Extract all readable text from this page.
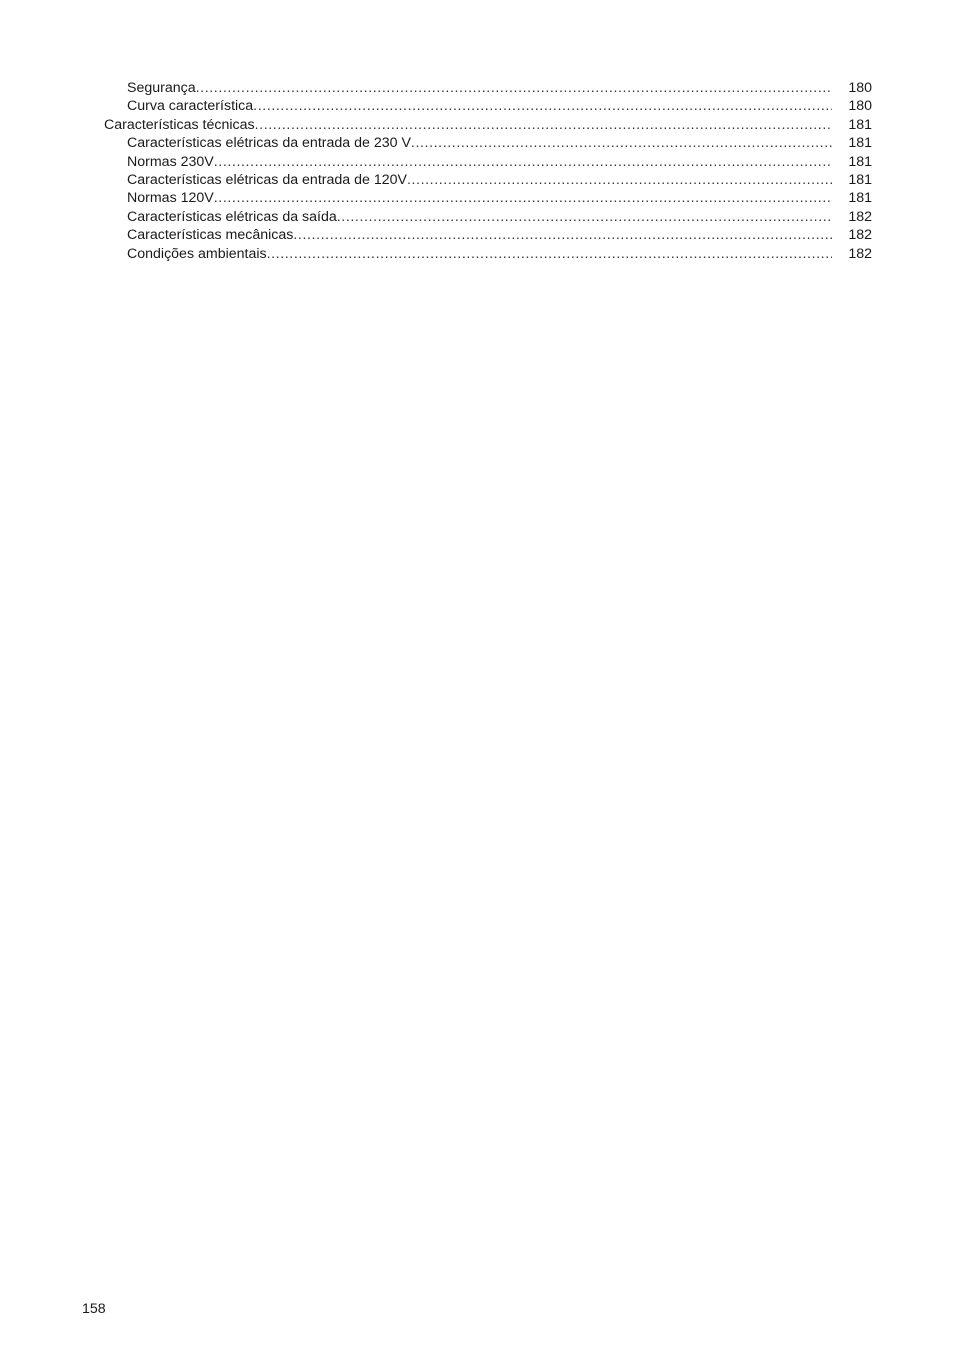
Segurança .....	180
Curva característica .....	180
Características técnicas .....	181
Características elétricas da entrada de 230 V .....	181
Normas 230V .....	181
Características elétricas da entrada de 120V .....	181
Normas 120V .....	181
Características elétricas da saída .....	182
Características mecânicas .....	182
Condições ambientais .....	182
158
